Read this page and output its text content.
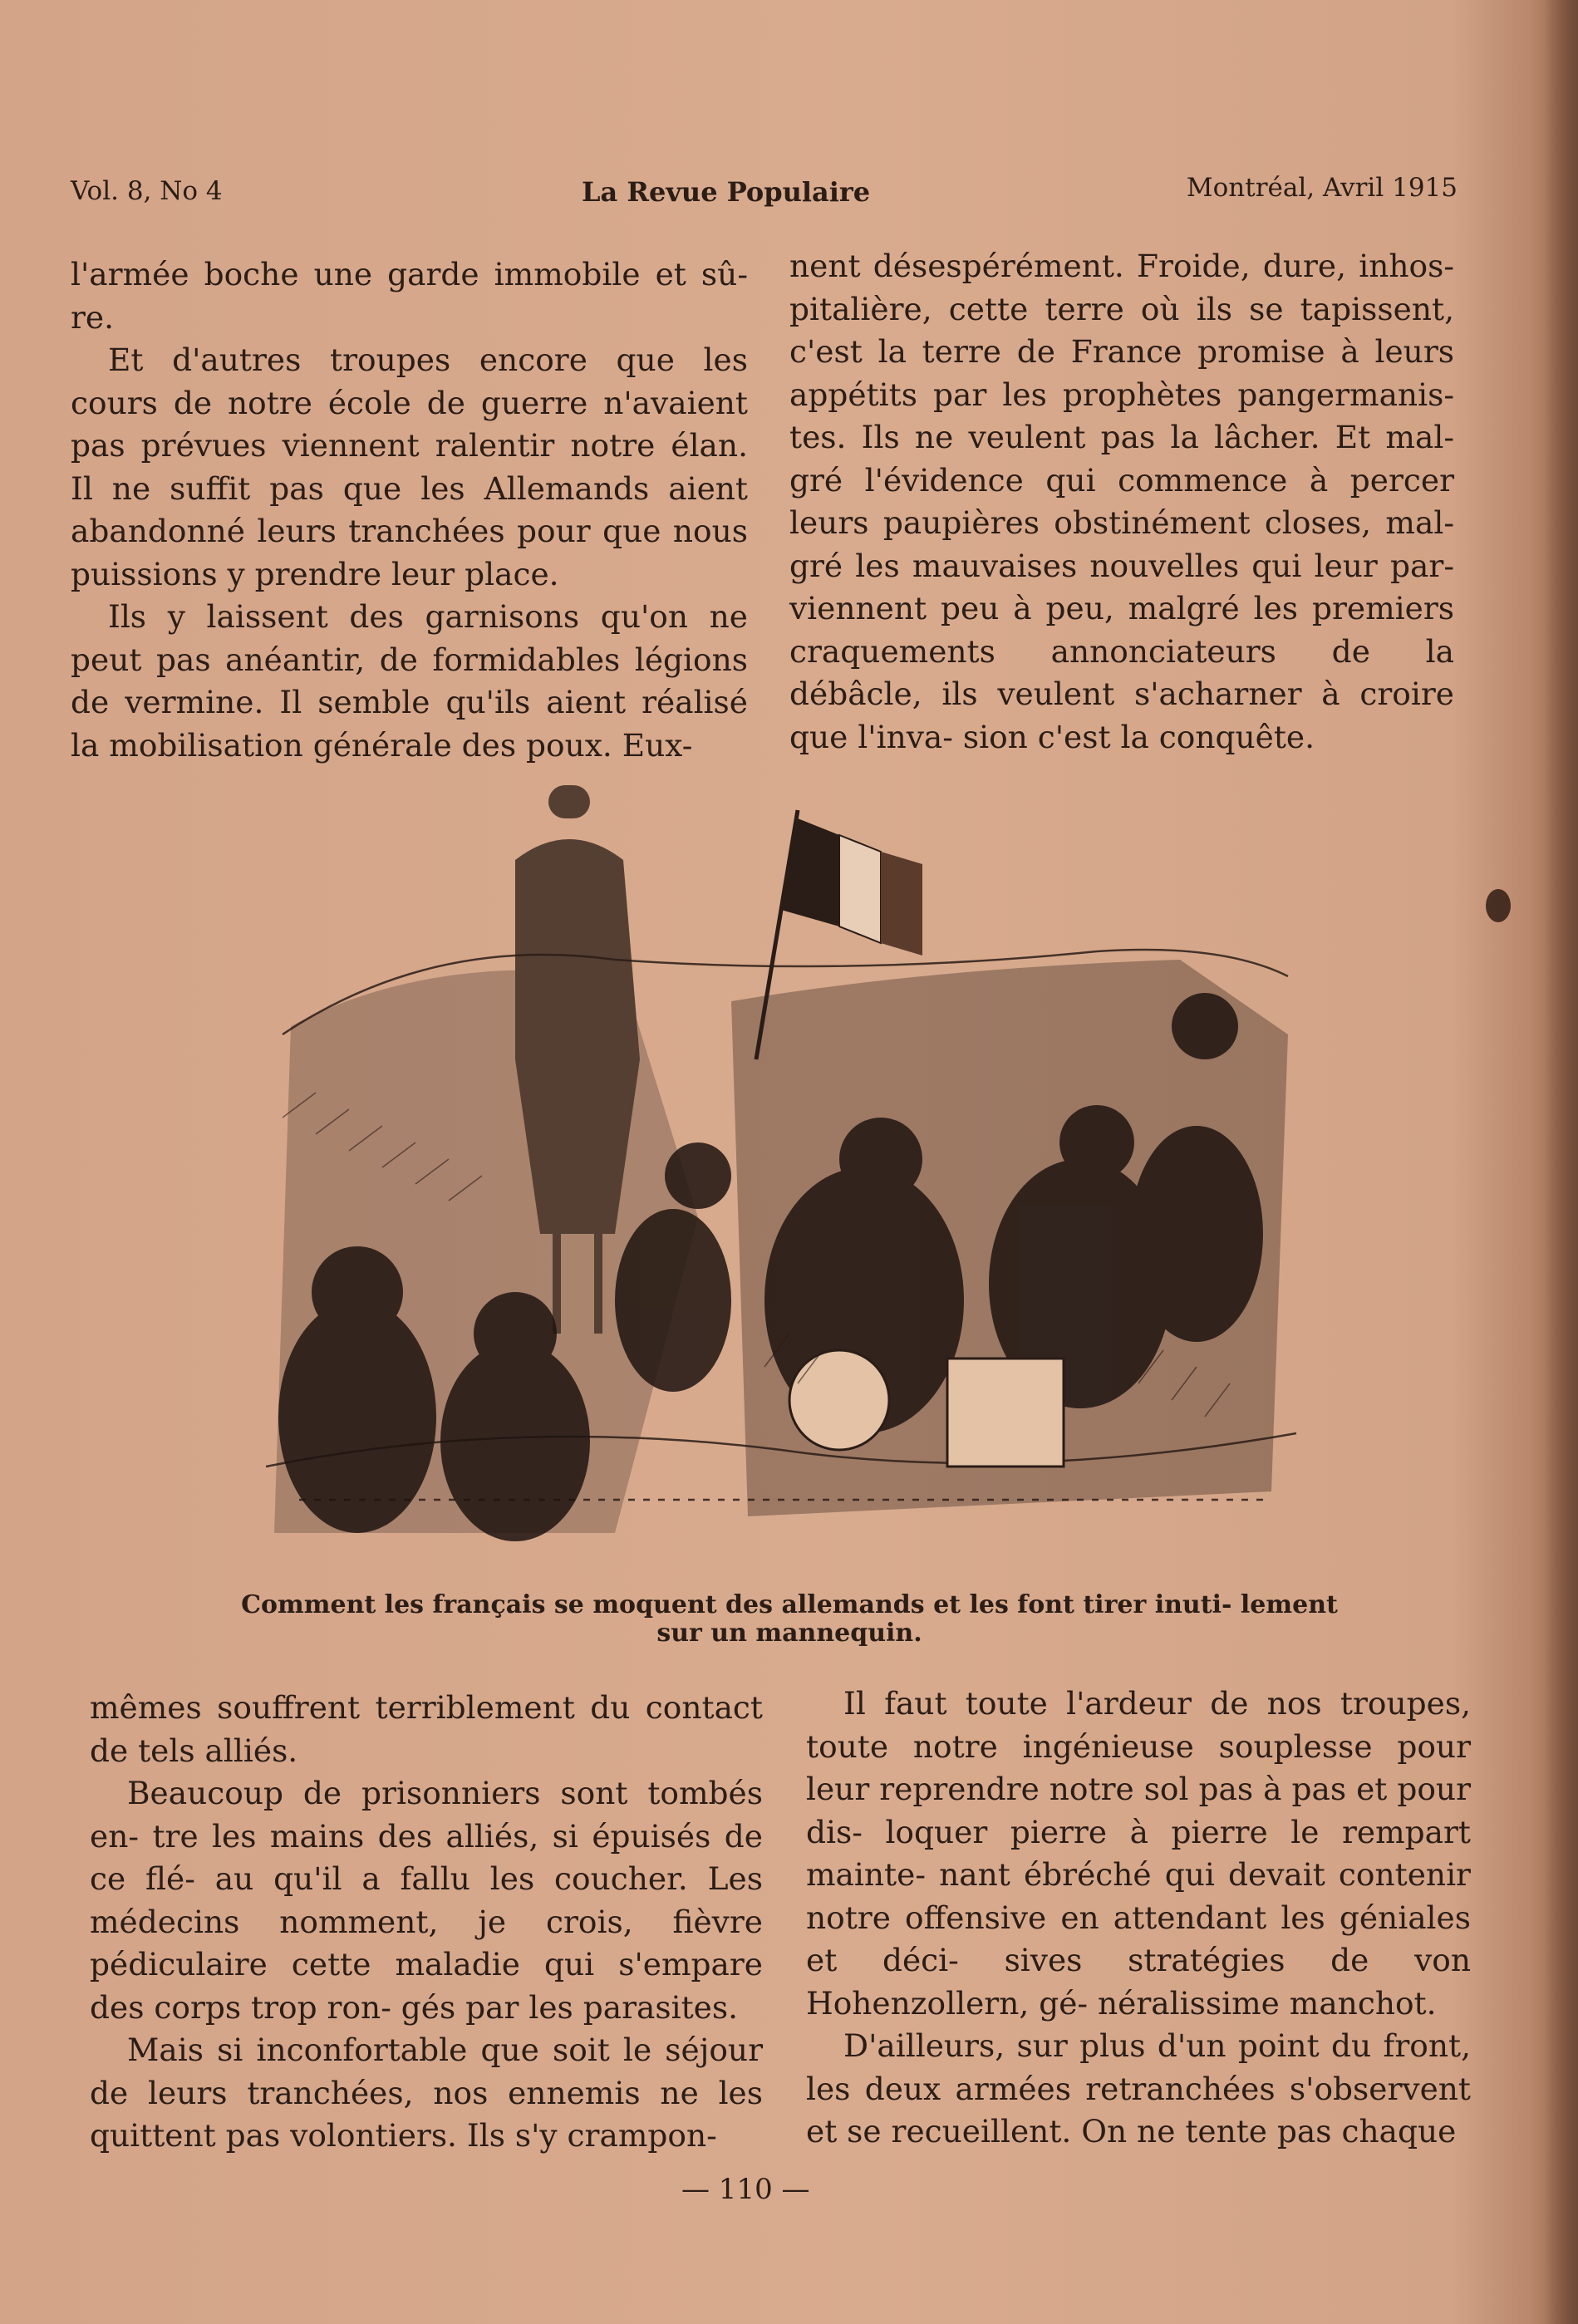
Vol. 8, No 4	La Revue Populaire	Montréal, Avril 1915

l'armée boche une garde immobile et sû- re.

Et d'autres troupes encore que les cours de notre école de guerre n'avaient pas prévues viennent ralentir notre élan. Il ne suffit pas que les Allemands aient abandonné leurs tranchées pour que nous puissions y prendre leur place.

Ils y laissent des garnisons qu'on ne peut pas anéantir, de formidables légions de vermine. Il semble qu'ils aient réalisé la mobilisation générale des poux. Eux-

nent désespérément. Froide, dure, inhos- pitalière, cette terre où ils se tapissent, c'est la terre de France promise à leurs appétits par les prophètes pangermanis- tes. Ils ne veulent pas la lâcher. Et mal- gré l'évidence qui commence à percer leurs paupières obstinément closes, mal- gré les mauvaises nouvelles qui leur par- viennent peu à peu, malgré les premiers craquements annonciateurs de la débâcle, ils veulent s'acharner à croire que l'inva- sion c'est la conquête.

Comment les français se moquent des allemands et les font tirer inuti- lement sur un mannequin.

mêmes souffrent terriblement du contact de tels alliés.

Beaucoup de prisonniers sont tombés en- tre les mains des alliés, si épuisés de ce flé- au qu'il a fallu les coucher. Les médecins nomment, je crois, fièvre pédiculaire cette maladie qui s'empare des corps trop ron- gés par les parasites.

Mais si inconfortable que soit le séjour de leurs tranchées, nos ennemis ne les quittent pas volontiers. Ils s'y crampon-

Il faut toute l'ardeur de nos troupes, toute notre ingénieuse souplesse pour leur reprendre notre sol pas à pas et pour dis- loquer pierre à pierre le rempart mainte- nant ébréché qui devait contenir notre offensive en attendant les géniales et déci- sives stratégies de von Hohenzollern, gé- néralissime manchot.

D'ailleurs, sur plus d'un point du front, les deux armées retranchées s'observent et se recueillent. On ne tente pas chaque

— 110 —
